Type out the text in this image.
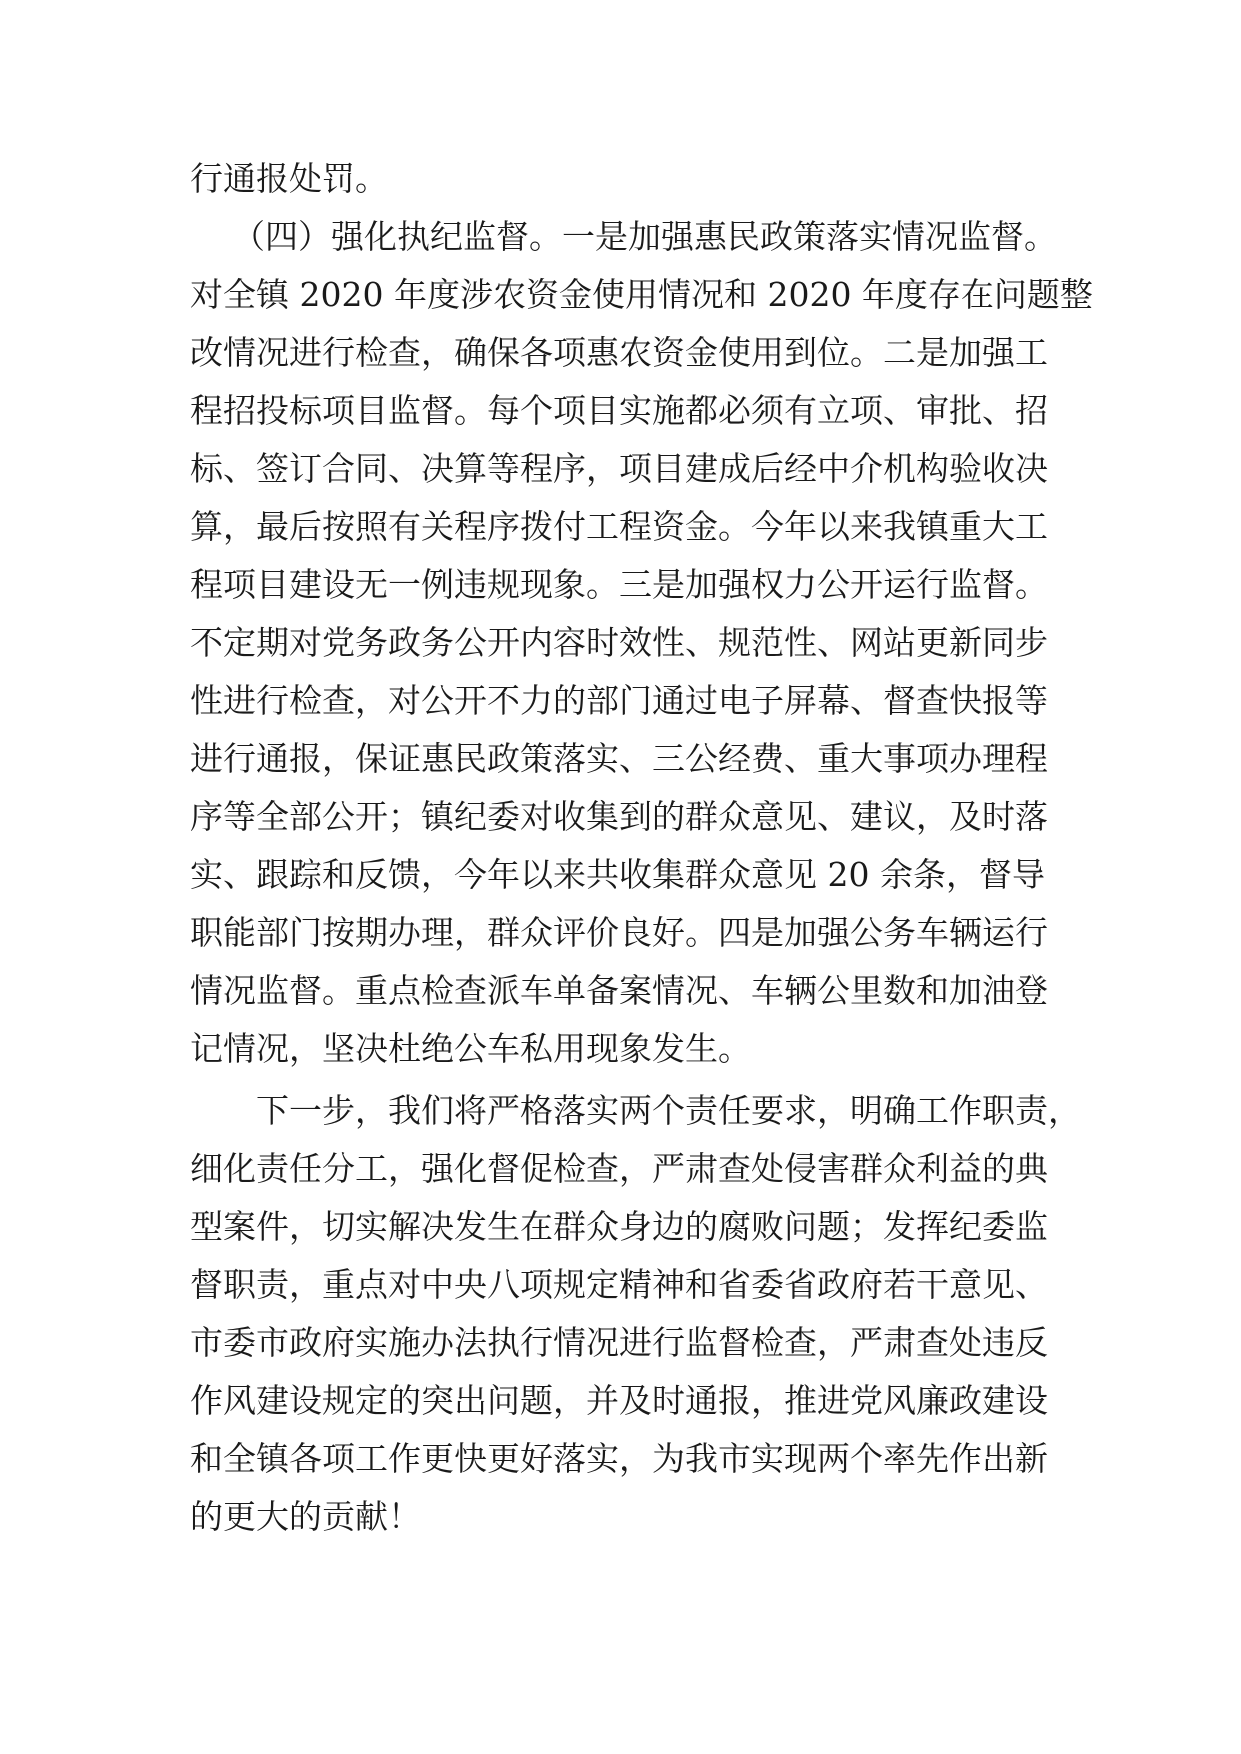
行通报处罚。
（四）强化执纪监督。一是加强惠民政策落实情况监督。
对全镇 2020 年度涉农资金使用情况和 2020 年度存在问题整
改情况进行检查，确保各项惠农资金使用到位。二是加强工
程招投标项目监督。每个项目实施都必须有立项、审批、招
标、签订合同、决算等程序，项目建成后经中介机构验收决
算，最后按照有关程序拨付工程资金。今年以来我镇重大工
程项目建设无一例违规现象。三是加强权力公开运行监督。
不定期对党务政务公开内容时效性、规范性、网站更新同步
性进行检查，对公开不力的部门通过电子屏幕、督查快报等
进行通报，保证惠民政策落实、三公经费、重大事项办理程
序等全部公开；镇纪委对收集到的群众意见、建议，及时落
实、跟踪和反馈，今年以来共收集群众意见 20 余条，督导
职能部门按期办理，群众评价良好。四是加强公务车辆运行
情况监督。重点检查派车单备案情况、车辆公里数和加油登
记情况，坚决杜绝公车私用现象发生。
下一步，我们将严格落实两个责任要求，明确工作职责，
细化责任分工，强化督促检查，严肃查处侵害群众利益的典
型案件，切实解决发生在群众身边的腐败问题；发挥纪委监
督职责，重点对中央八项规定精神和省委省政府若干意见、
市委市政府实施办法执行情况进行监督检查，严肃查处违反
作风建设规定的突出问题，并及时通报，推进党风廉政建设
和全镇各项工作更快更好落实，为我市实现两个率先作出新
的更大的贡献！
